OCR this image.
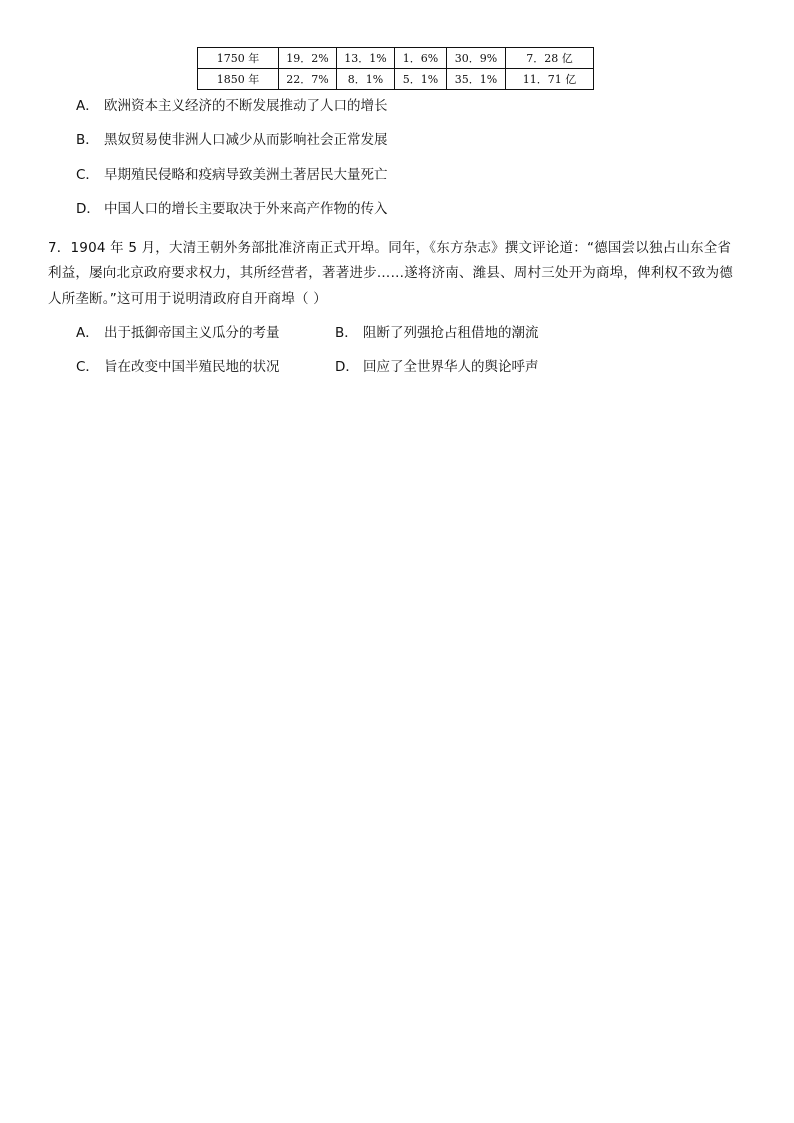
1750 年	19．2%	13．1%	1．6%	30．9%	7．28 亿
1850 年	22．7%	8．1%	5．1%	35．1%	11．71 亿
A． 欧洲资本主义经济的不断发展推动了人口的增长
B． 黑奴贸易使非洲人口减少从而影响社会正常发展
C． 早期殖民侵略和疫病导致美洲土著居民大量死亡
D． 中国人口的增长主要取决于外来高产作物的传入
7．1904 年 5 月，大清王朝外务部批准济南正式开埠。同年，《东方杂志》撰文评论道：“德国尝以独占山东全省
利益，屡向北京政府要求权力，其所经营者，著著进步……遂将济南、潍县、周村三处开为商埠，俾利权不致为德
人所垄断。”这可用于说明清政府自开商埠（ ）
A． 出于抵御帝国主义瓜分的考量	B． 阻断了列强抢占租借地的潮流
C． 旨在改变中国半殖民地的状况	D． 回应了全世界华人的舆论呼声
